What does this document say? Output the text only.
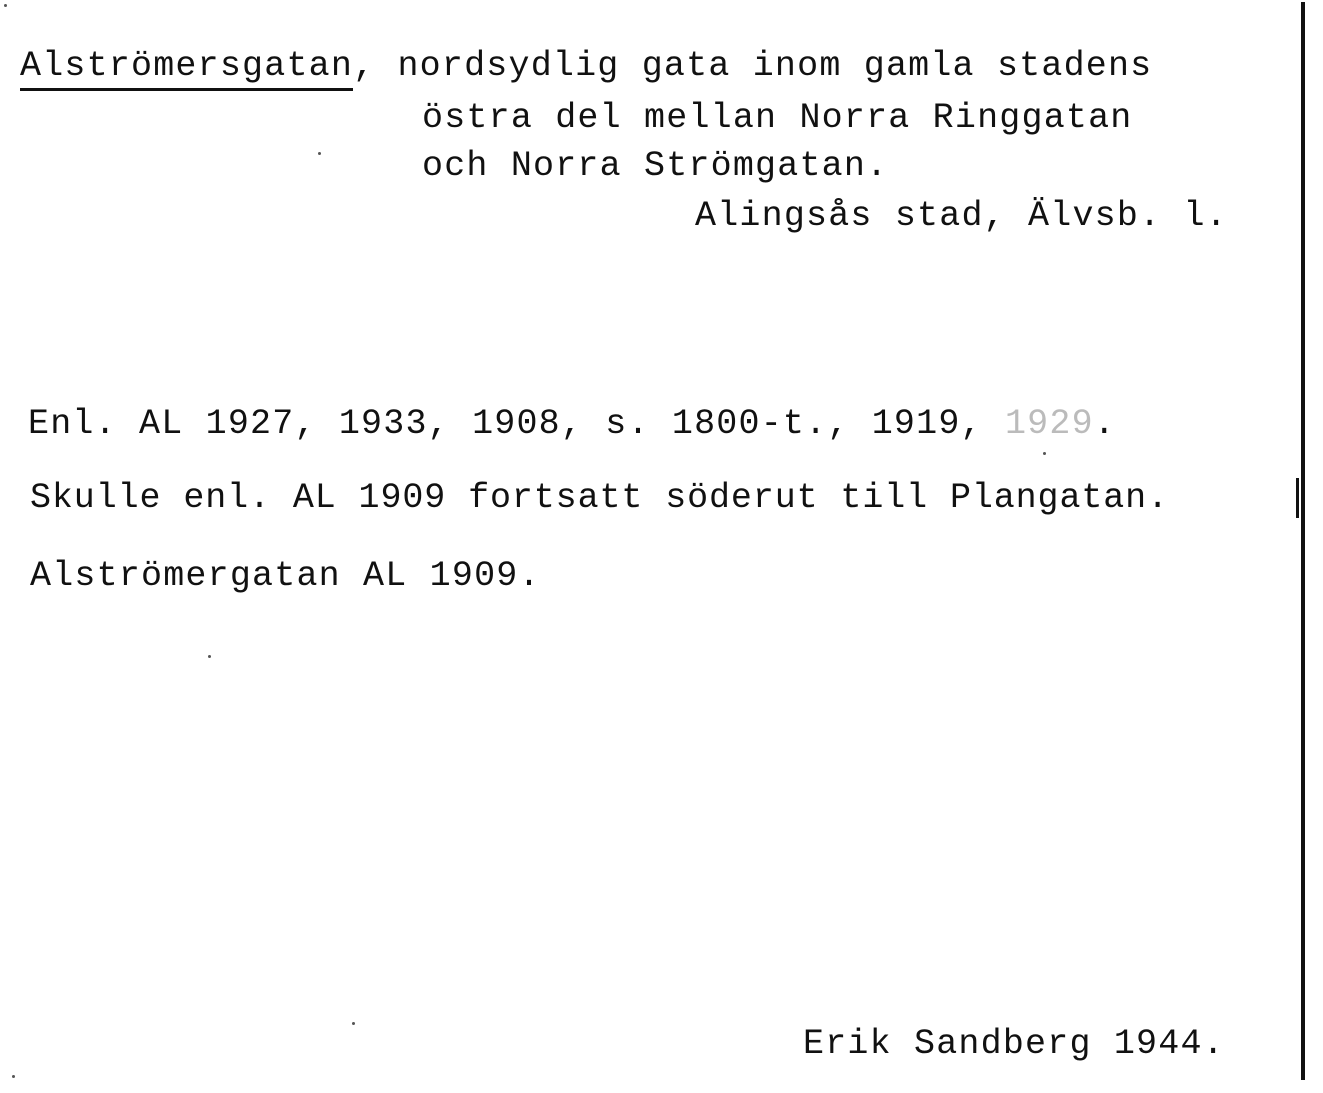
Alströmersgatan, nordsydlig gata inom gamla stadens
östra del mellan Norra Ringgatan
och Norra Strömgatan.
Alingsås stad, Älvsb. l.
Enl. AL 1927, 1933, 1908, s. 1800-t., 1919, 1929.
Skulle enl. AL 1909 fortsatt söderut till Plangatan.
Alströmergatan AL 1909.
Erik Sandberg 1944.
